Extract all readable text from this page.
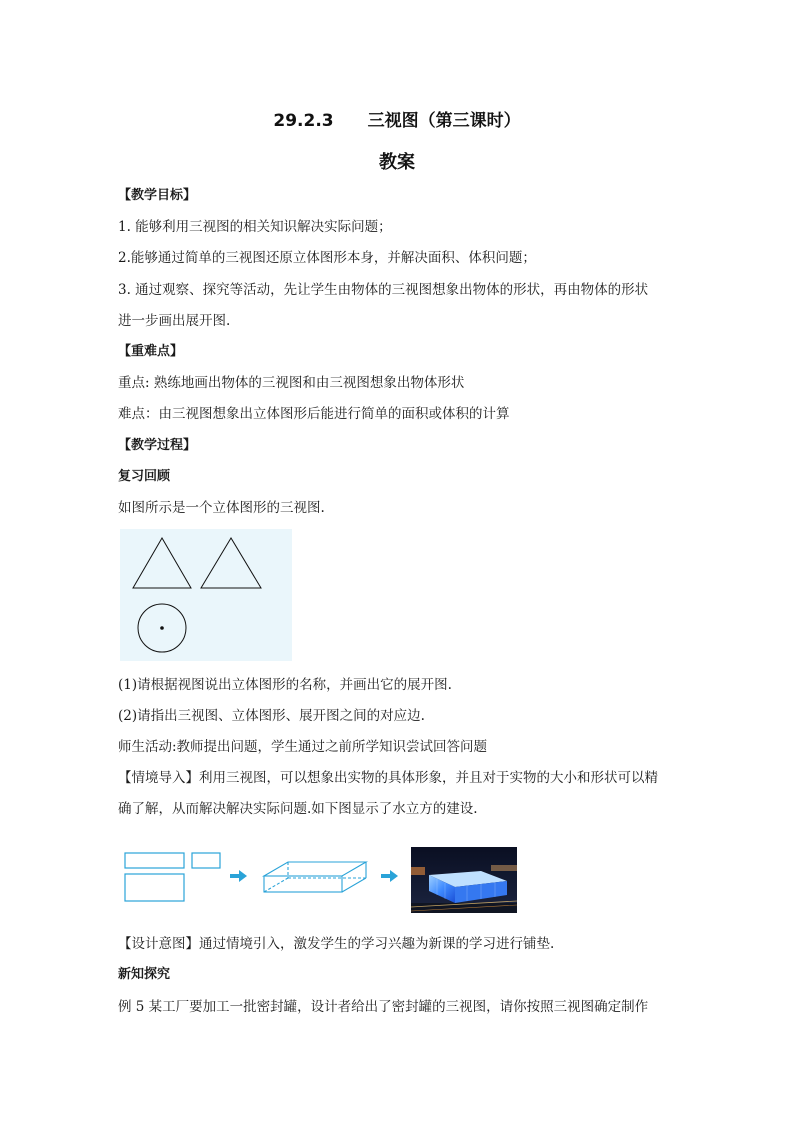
29.2.3 三视图（第三课时）
教案
【教学目标】
1. 能够利用三视图的相关知识解决实际问题；
2.能够通过简单的三视图还原立体图形本身，并解决面积、体积问题；
3. 通过观察、探究等活动，先让学生由物体的三视图想象出物体的形状，再由物体的形状
进一步画出展开图.
【重难点】
重点: 熟练地画出物体的三视图和由三视图想象出物体形状
难点：由三视图想象出立体图形后能进行简单的面积或体积的计算
【教学过程】
复习回顾
如图所示是一个立体图形的三视图.
(1)请根据视图说出立体图形的名称，并画出它的展开图.
(2)请指出三视图、立体图形、展开图之间的对应边.
师生活动:教师提出问题，学生通过之前所学知识尝试回答问题
【情境导入】利用三视图，可以想象出实物的具体形象，并且对于实物的大小和形状可以精
确了解，从而解决解决实际问题.如下图显示了水立方的建设.
【设计意图】通过情境引入，激发学生的学习兴趣为新课的学习进行铺垫.
新知探究
例 5 某工厂要加工一批密封罐，设计者给出了密封罐的三视图，请你按照三视图确定制作
